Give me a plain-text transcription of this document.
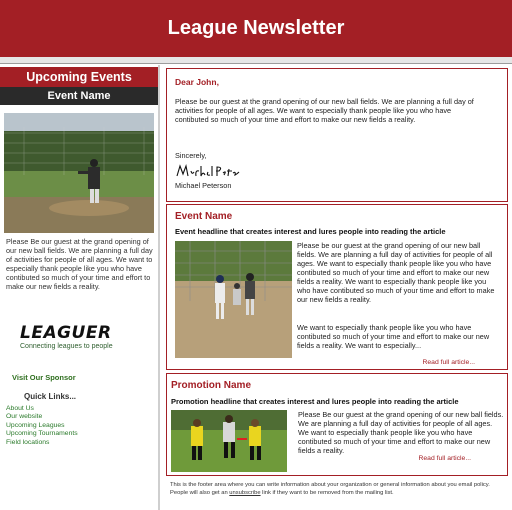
League Newsletter
Upcoming Events
Event Name
Please Be our guest at the grand opening of our new ball fields. We are planning a full day of activities for people of all ages. We want to especially thank people like you who have contibuted so much of your time and effort to make our new fields a reality.
LEAGUER
Connecting leagues to people
Visit Our Sponsor
Quick Links...
About Us
Our website
Upcoming Leagues
Upcoming Tournaments
Field locations
Dear John,
Please be our guest at the grand opening of our new ball fields. We are planning a full day of activities for people of all ages. We want to especially thank people like you who have contibuted so much of your time and effort to make our new fields a reality.
Sincerely,
Michael Peterson
Event Name
Event headline that creates interest and lures people into reading the article
Please be our guest at the grand opening of our new ball fields. We are planning a full day of activities for people of all ages. We want to especially thank people like you who have contibuted so much of your time and effort to make our new fields a reality. We want to especially thank people like you who have contibuted so much of your time and effort to make our new fields a reality.
We want to especially thank people like you who have contibuted so much of your time and effort to make our new fields a reality. We want to especially...
Read full article...
Promotion Name
Promotion headline that creates interest and lures people into reading the article
Please Be our guest at the grand opening of our new ball fields. We are planning a full day of activities for people of all ages. We want to especially thank people like you who have contibuted so much of your time and effort to make our new fields a reality.
Read full article...
This is the footer area where you can write information about your organization or general information about you email policy. People will also get an unsubscribe link if they want to be removed from the mailing list.
